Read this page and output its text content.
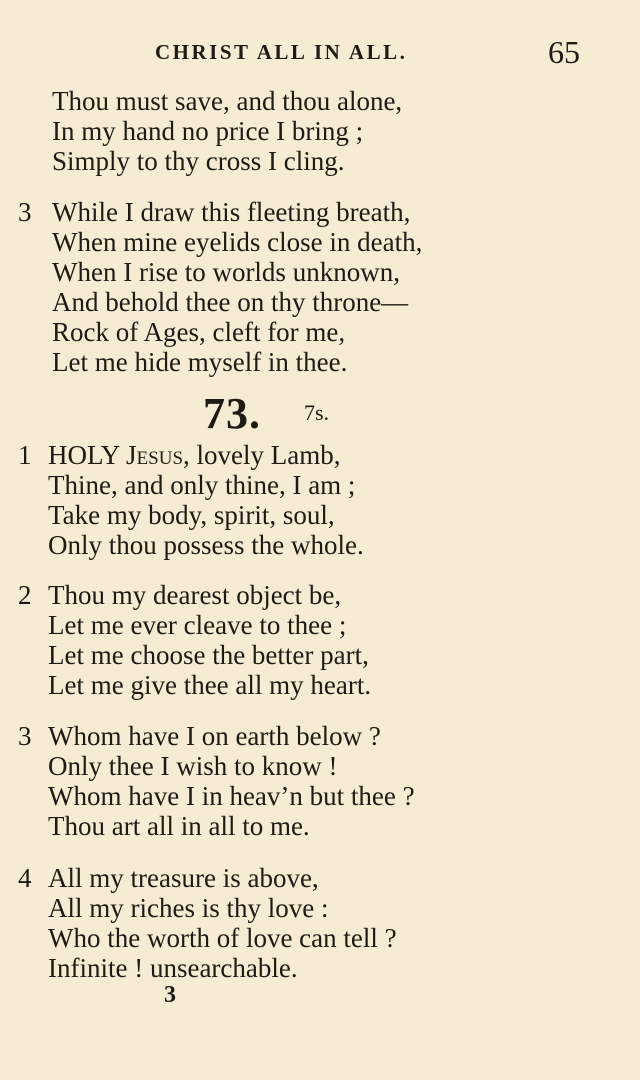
CHRIST ALL IN ALL.	65
Thou must save, and thou alone,
In my hand no price I bring ;
Simply to thy cross I cling.
3 While I draw this fleeting breath,
When mine eyelids close in death,
When I rise to worlds unknown,
And behold thee on thy throne—
Rock of Ages, cleft for me,
Let me hide myself in thee.
73. 7s.
1 HOLY Jesus, lovely Lamb,
Thine, and only thine, I am ;
Take my body, spirit, soul,
Only thou possess the whole.
2 Thou my dearest object be,
Let me ever cleave to thee ;
Let me choose the better part,
Let me give thee all my heart.
3 Whom have I on earth below ?
Only thee I wish to know !
Whom have I in heav’n but thee ?
Thou art all in all to me.
4 All my treasure is above,
All my riches is thy love :
Who the worth of love can tell ?
Infinite ! unsearchable.
3
